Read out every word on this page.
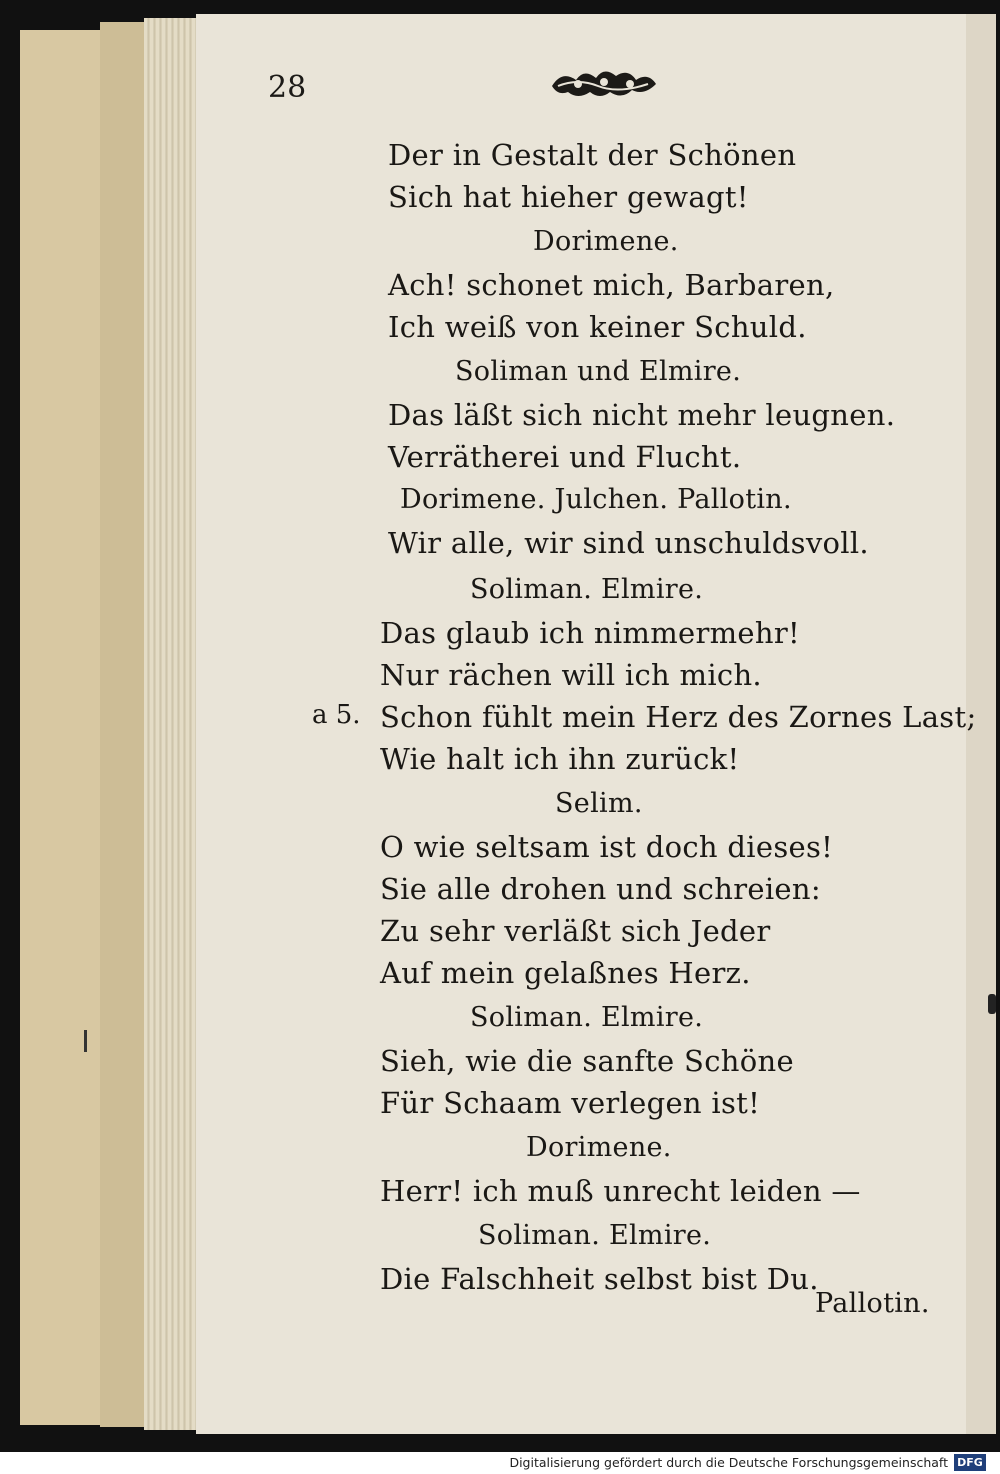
28
Der in Gestalt der Schönen
Sich hat hieher gewagt!
Dorimene.
Ach! schonet mich, Barbaren,
Ich weiß von keiner Schuld.
Soliman und Elmire.
Das läßt sich nicht mehr leugnen.
Verrätherei und Flucht.
Dorimene. Julchen. Pallotin.
Wir alle, wir sind unschuldsvoll.
Soliman. Elmire.
Das glaub ich nimmermehr!
Nur rächen will ich mich.
Schon fühlt mein Herz des Zornes Last;
Wie halt ich ihn zurück!
Selim.
O wie seltsam ist doch dieses!
Sie alle drohen und schreien:
Zu sehr verläßt sich Jeder
Auf mein gelaßnes Herz.
Soliman. Elmire.
Sieh, wie die sanfte Schöne
Für Schaam verlegen ist!
Dorimene.
Herr! ich muß unrecht leiden —
Soliman. Elmire.
Die Falschheit selbst bist Du.
a 5.
Pallotin.
Digitalisierung gefördert durch die Deutsche Forschungsgemeinschaft DFG
